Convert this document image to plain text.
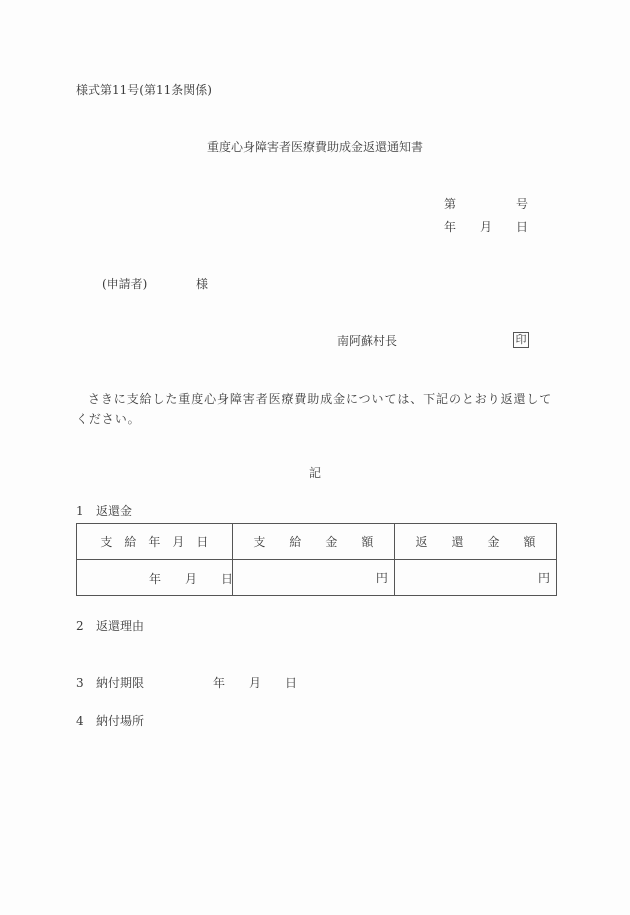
様式第11号(第11条関係)
重度心身障害者医療費助成金返還通知書
第	号
年 月 日
(申請者)	様
南阿蘇村長	印
さきに支給した重度心身障害者医療費助成金については、下記のとおり返還してください。
記
1 返還金
支　給　年　月　日	支　　給　　金　　額	返　　還　　金　　額

年 月 日	円	円
2 返還理由
3 納付期限	年 月 日
4 納付場所
